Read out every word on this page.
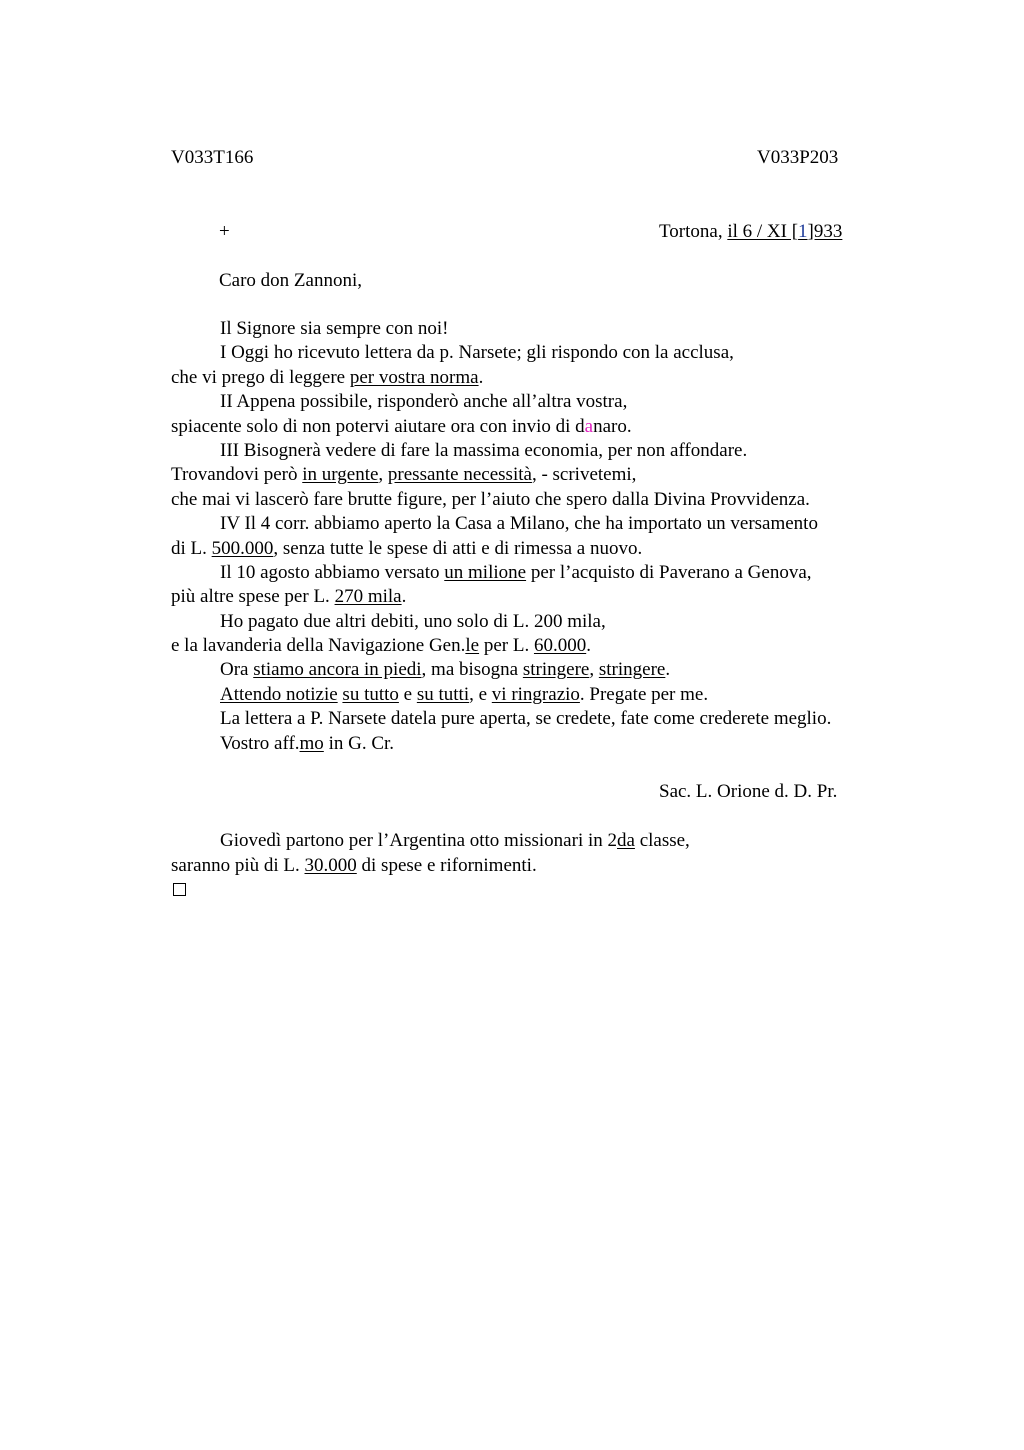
V033T166	V033P203
+	Tortona, il 6 / XI [1]933
Caro don Zannoni,
Il Signore sia sempre con noi!
I Oggi ho ricevuto lettera da p. Narsete; gli rispondo con la acclusa,
che vi prego di leggere per vostra norma.
II Appena possibile, risponderò anche all’altra vostra,
spiacente solo di non potervi aiutare ora con invio di danaro.
III Bisognerà vedere di fare la massima economia, per non affondare.
Trovandovi però in urgente, pressante necessità, - scrivetemi,
che mai vi lascerò fare brutte figure, per l’aiuto che spero dalla Divina Provvidenza.
IV Il 4 corr. abbiamo aperto la Casa a Milano, che ha importato un versamento
di L. 500.000, senza tutte le spese di atti e di rimessa a nuovo.
Il 10 agosto abbiamo versato un milione per l’acquisto di Paverano a Genova,
più altre spese per L. 270 mila.
Ho pagato due altri debiti, uno solo di L. 200 mila,
e la lavanderia della Navigazione Gen.le per L. 60.000.
Ora stiamo ancora in piedi, ma bisogna stringere, stringere.
Attendo notizie su tutto e su tutti, e vi ringrazio. Pregate per me.
La lettera a P. Narsete datela pure aperta, se credete, fate come crederete meglio.
Vostro aff.mo in G. Cr.
Sac. L. Orione d. D. Pr.
Giovedì partono per l’Argentina otto missionari in 2da classe,
saranno più di L. 30.000 di spese e rifornimenti.
